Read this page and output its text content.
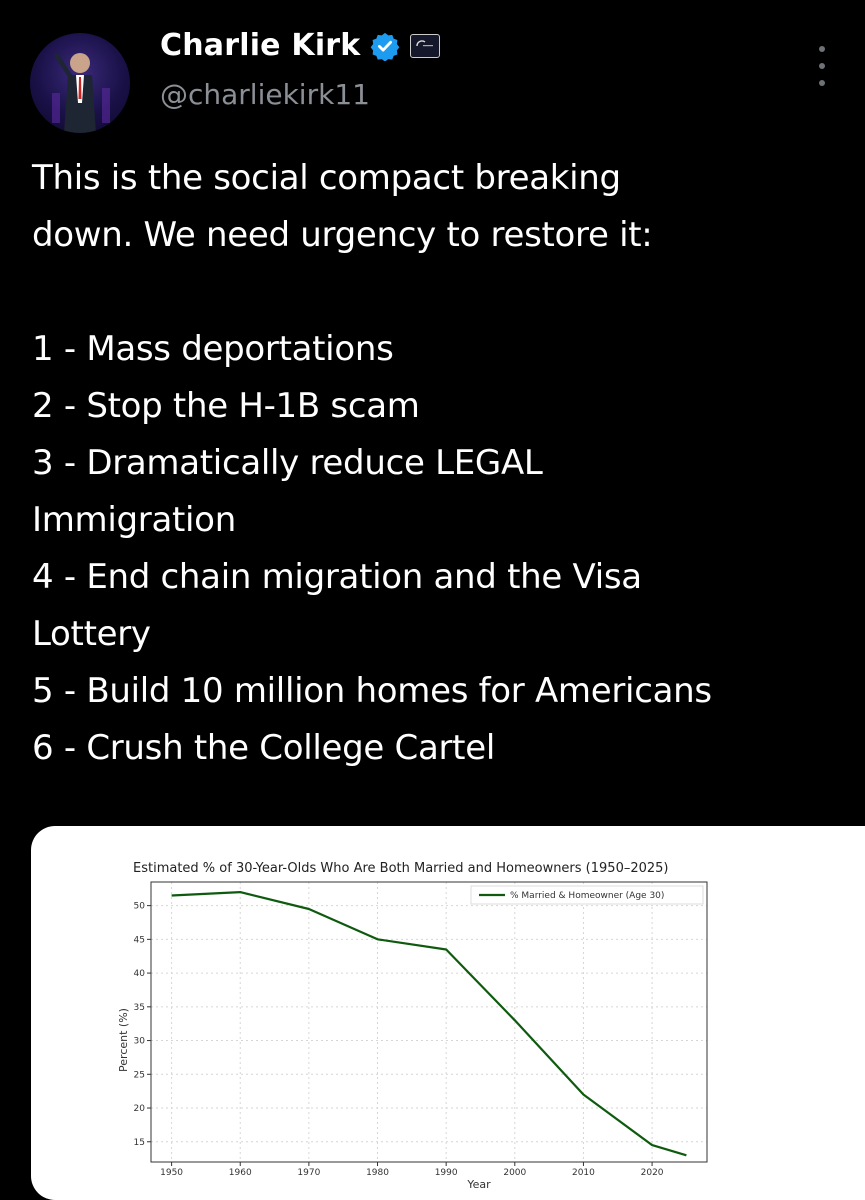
Charlie Kirk
@charliekirk11
This is the social compact breaking
down. We need urgency to restore it:

1 - Mass deportations
2 - Stop the H-1B scam
3 - Dramatically reduce LEGAL
Immigration
4 - End chain migration and the Visa
Lottery
5 - Build 10 million homes for Americans
6 - Crush the College Cartel
15
20
25
30
35
40
45
50
1950	1960	1970	1980	1990	2000	2010	2020
Estimated % of 30-Year-Olds Who Are Both Married and Homeowners (1950–2025)
Year
Percent (%)
% Married & Homeowner (Age 30)
